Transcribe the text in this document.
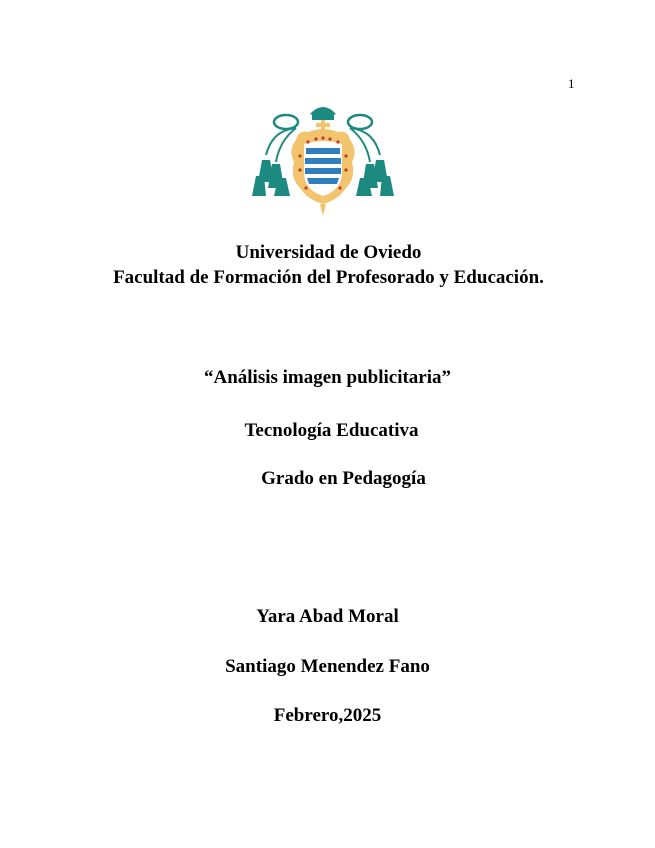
1
Universidad de Oviedo
Facultad de Formación del Profesorado y Educación.
“Análisis imagen publicitaria”
Tecnología Educativa
Grado en Pedagogía
Yara Abad Moral
Santiago Menendez Fano
Febrero,2025
